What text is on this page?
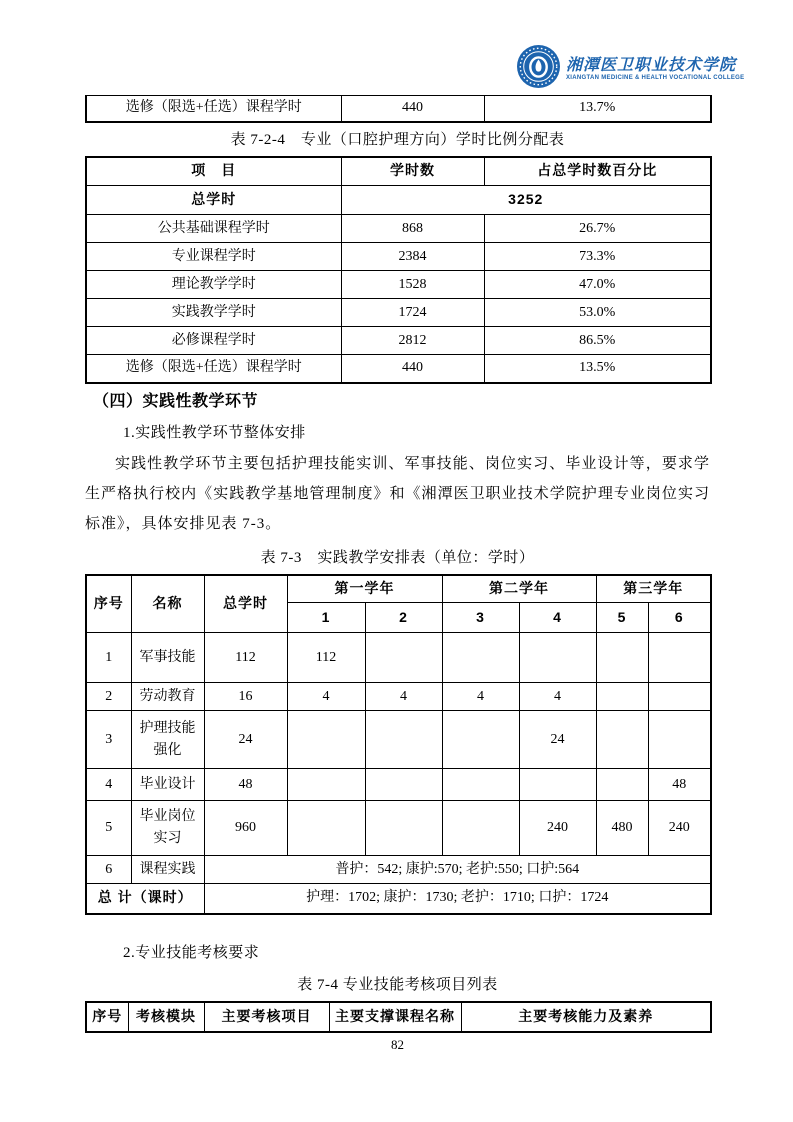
湘潭医卫职业技术学院
XIANGTAN MEDICINE & HEALTH VOCATIONAL COLLEGE
选修（限选+任选）课程学时	440	13.7%
表 7-2-4　专业（口腔护理方向）学时比例分配表
项　目	学时数	占总学时数百分比
总学时	3252	
公共基础课程学时	868	26.7%
专业课程学时	2384	73.3%
理论教学学时	1528	47.0%
实践教学学时	1724	53.0%
必修课程学时	2812	86.5%
选修（限选+任选）课程学时	440	13.5%
（四）实践性教学环节
1.实践性教学环节整体安排

实践性教学环节主要包括护理技能实训、军事技能、岗位实习、毕业设计等，要求学生严格执行校内《实践教学基地管理制度》和《湘潭医卫职业技术学院护理专业岗位实习标准》，具体安排见表 7-3。

表 7-3　实践教学安排表（单位：学时）
序号	名称	总学时	第一学年		第二学年		第三学年	
			1	2	3	4	5	6
1	军事技能	112	112					
2	劳动教育	16	4	4	4	4		
3	护理技能强化	24				24		
4	毕业设计	48						48
5	毕业岗位实习	960				240	480	240
6	课程实践	普护：542; 康护:570; 老护:550; 口护:564						
总 计（课时）		护理：1702; 康护：1730; 老护：1710; 口护：1724						
2.专业技能考核要求
表 7-4 专业技能考核项目列表
序号	考核模块	主要考核项目	主要支撑课程名称	主要考核能力及素养
82
